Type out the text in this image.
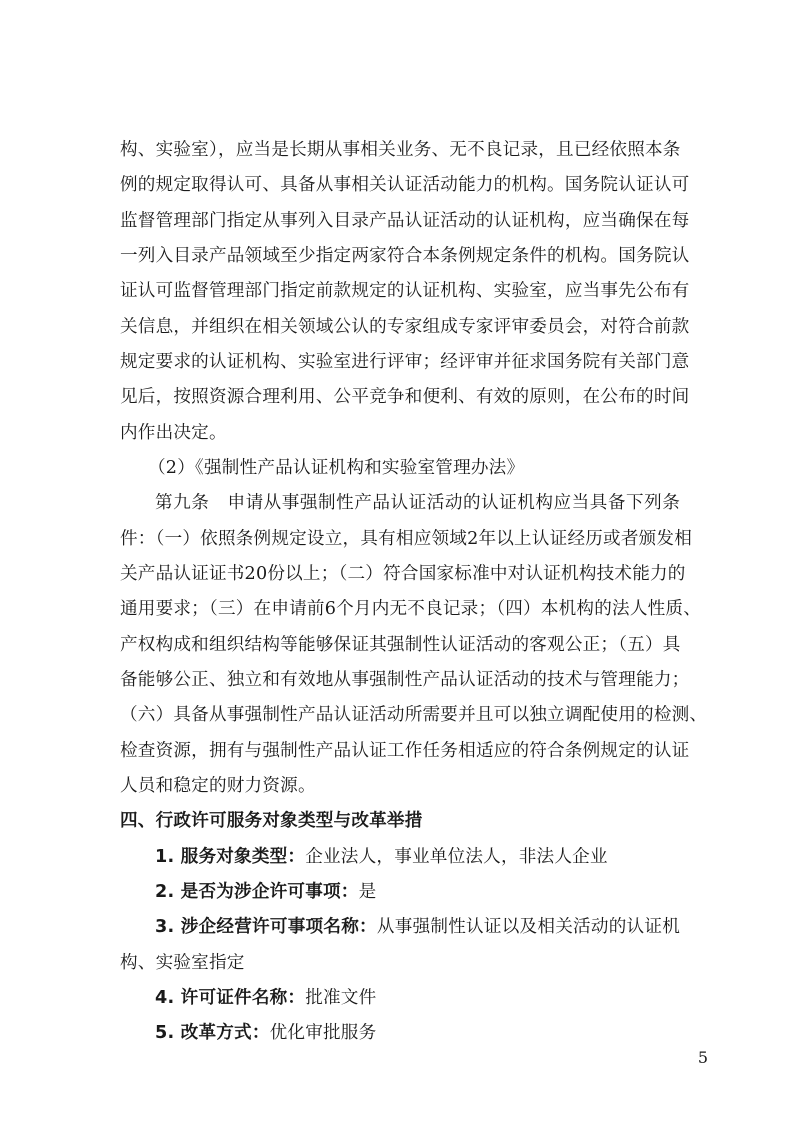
构、实验室），应当是长期从事相关业务、无不良记录，且已经依照本条
例的规定取得认可、具备从事相关认证活动能力的机构。国务院认证认可
监督管理部门指定从事列入目录产品认证活动的认证机构，应当确保在每
一列入目录产品领域至少指定两家符合本条例规定条件的机构。国务院认
证认可监督管理部门指定前款规定的认证机构、实验室，应当事先公布有
关信息，并组织在相关领域公认的专家组成专家评审委员会，对符合前款
规定要求的认证机构、实验室进行评审；经评审并征求国务院有关部门意
见后，按照资源合理利用、公平竞争和便利、有效的原则，在公布的时间
内作出决定。
（2）《强制性产品认证机构和实验室管理办法》
第九条　申请从事强制性产品认证活动的认证机构应当具备下列条
件：（一）依照条例规定设立，具有相应领域2年以上认证经历或者颁发相
关产品认证证书20份以上；（二）符合国家标准中对认证机构技术能力的
通用要求；（三）在申请前6个月内无不良记录；（四）本机构的法人性质、
产权构成和组织结构等能够保证其强制性认证活动的客观公正；（五）具
备能够公正、独立和有效地从事强制性产品认证活动的技术与管理能力；
（六）具备从事强制性产品认证活动所需要并且可以独立调配使用的检测、
检查资源，拥有与强制性产品认证工作任务相适应的符合条例规定的认证
人员和稳定的财力资源。
四、行政许可服务对象类型与改革举措
1. 服务对象类型：企业法人，事业单位法人，非法人企业
2. 是否为涉企许可事项：是
3. 涉企经营许可事项名称：从事强制性认证以及相关活动的认证机
构、实验室指定
4. 许可证件名称：批准文件
5. 改革方式：优化审批服务
5
